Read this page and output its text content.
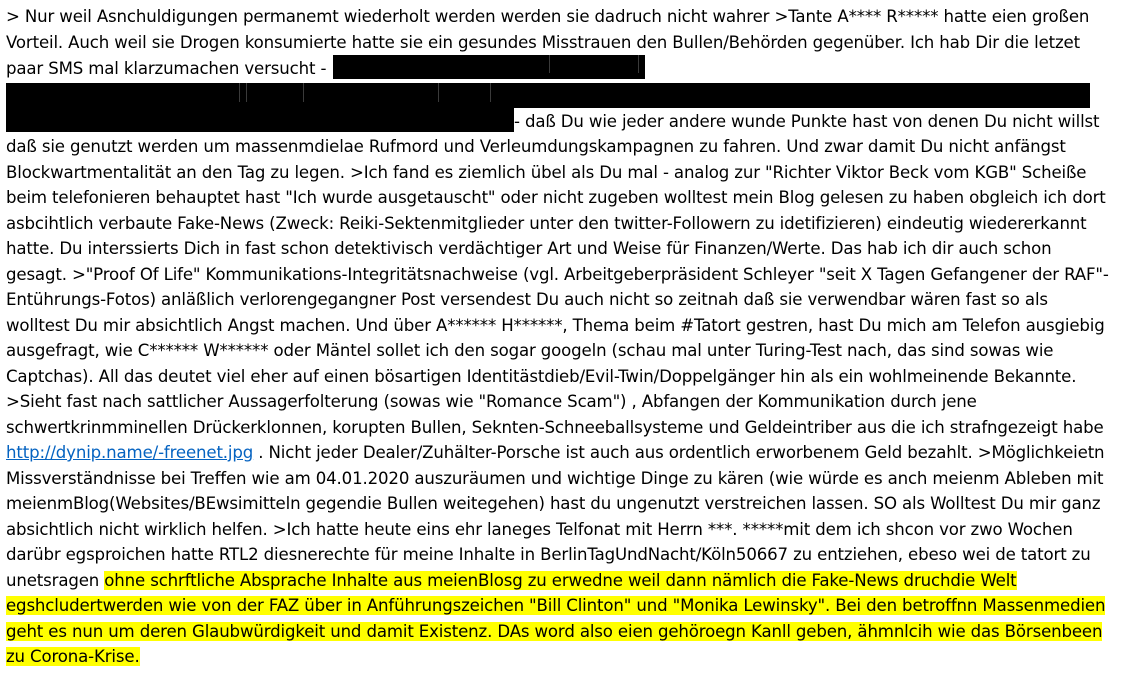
> Nur weil Asnchuldigungen permanemt wiederholt werden werden sie dadruch nicht wahrer >Tante A**** R***** hatte eien großen Vorteil. Auch weil sie Drogen konsumierte hatte sie ein gesundes Misstrauen den Bullen/Behörden gegenüber. Ich hab Dir die letzet paar SMS mal klarzumachen versucht -
- daß Du wie jeder andere wunde Punkte hast von denen Du nicht willst daß sie genutzt werden um massenmdielae Rufmord und Verleumdungskampagnen zu fahren. Und zwar damit Du nicht anfängst Blockwartmentalität an den Tag zu legen. >Ich fand es ziemlich übel als Du mal - analog zur "Richter Viktor Beck vom KGB" Scheiße beim telefonieren behauptet hast "Ich wurde ausgetauscht" oder nicht zugeben wolltest mein Blog gelesen zu haben obgleich ich dort asbcihtlich verbaute Fake-News (Zweck: Reiki-Sektenmitglieder unter den twitter-Followern zu idetifizieren) eindeutig wiedererkannt hatte. Du interssierts Dich in fast schon detektivisch verdächtiger Art und Weise für Finanzen/Werte. Das hab ich dir auch schon gesagt. >"Proof Of Life" Kommunikations-Integritätsnachweise (vgl. Arbeitgeberpräsident Schleyer "seit X Tagen Gefangener der RAF"-Entührungs-Fotos) anläßlich verlorengegangner Post versendest Du auch nicht so zeitnah daß sie verwendbar wären fast so als wolltest Du mir absichtlich Angst machen. Und über A****** H******, Thema beim #Tatort gestren, hast Du mich am Telefon ausgiebig ausgefragt, wie C****** W****** oder Mäntel sollet ich den sogar googeln (schau mal unter Turing-Test nach, das sind sowas wie Captchas). All das deutet viel eher auf einen bösartigen Identitästdieb/Evil-Twin/Doppelgänger hin als ein wohlmeinende Bekannte. >Sieht fast nach sattlicher Aussagerfolterung (sowas wie "Romance Scam") , Abfangen der Kommunikation durch jene schwertkrinmminellen Drückerklonnen, korupten Bullen, Seknten-Schneeballsysteme und Geldeintriber aus die ich strafngezeigt habe http://dynip.name/-freenet.jpg . Nicht jeder Dealer/Zuhälter-Porsche ist auch aus ordentlich erworbenem Geld bezahlt. >Möglichkeietn Missverständnisse bei Treffen wie am 04.01.2020 auszuräumen und wichtige Dinge zu kären (wie würde es anch meienm Ableben mit meienmBlog(Websites/BEwsimitteln gegendie Bullen weitegehen) hast du ungenutzt verstreichen lassen. SO als Wolltest Du mir ganz absichtlich nicht wirklich helfen. >Ich hatte heute eins ehr laneges Telfonat mit Herrn ***. *****mit dem ich shcon vor zwo Wochen darübr egsproichen hatte RTL2 diesnerechte für meine Inhalte in BerlinTagUndNacht/Köln50667 zu entziehen, ebeso wei de tatort zu unetsragen ohne schrftliche Absprache Inhalte aus meienBlosg zu erwedne weil dann nämlich die Fake-News druchdie Welt egshcludertwerden wie von der FAZ über in Anführungszeichen "Bill Clinton" und "Monika Lewinsky". Bei den betroffnn Massenmedien geht es nun um deren Glaubwürdigkeit und damit Existenz. DAs word also eien gehöroegn Kanll geben, ähmnlcih wie das Börsenbeen zu Corona-Krise.
